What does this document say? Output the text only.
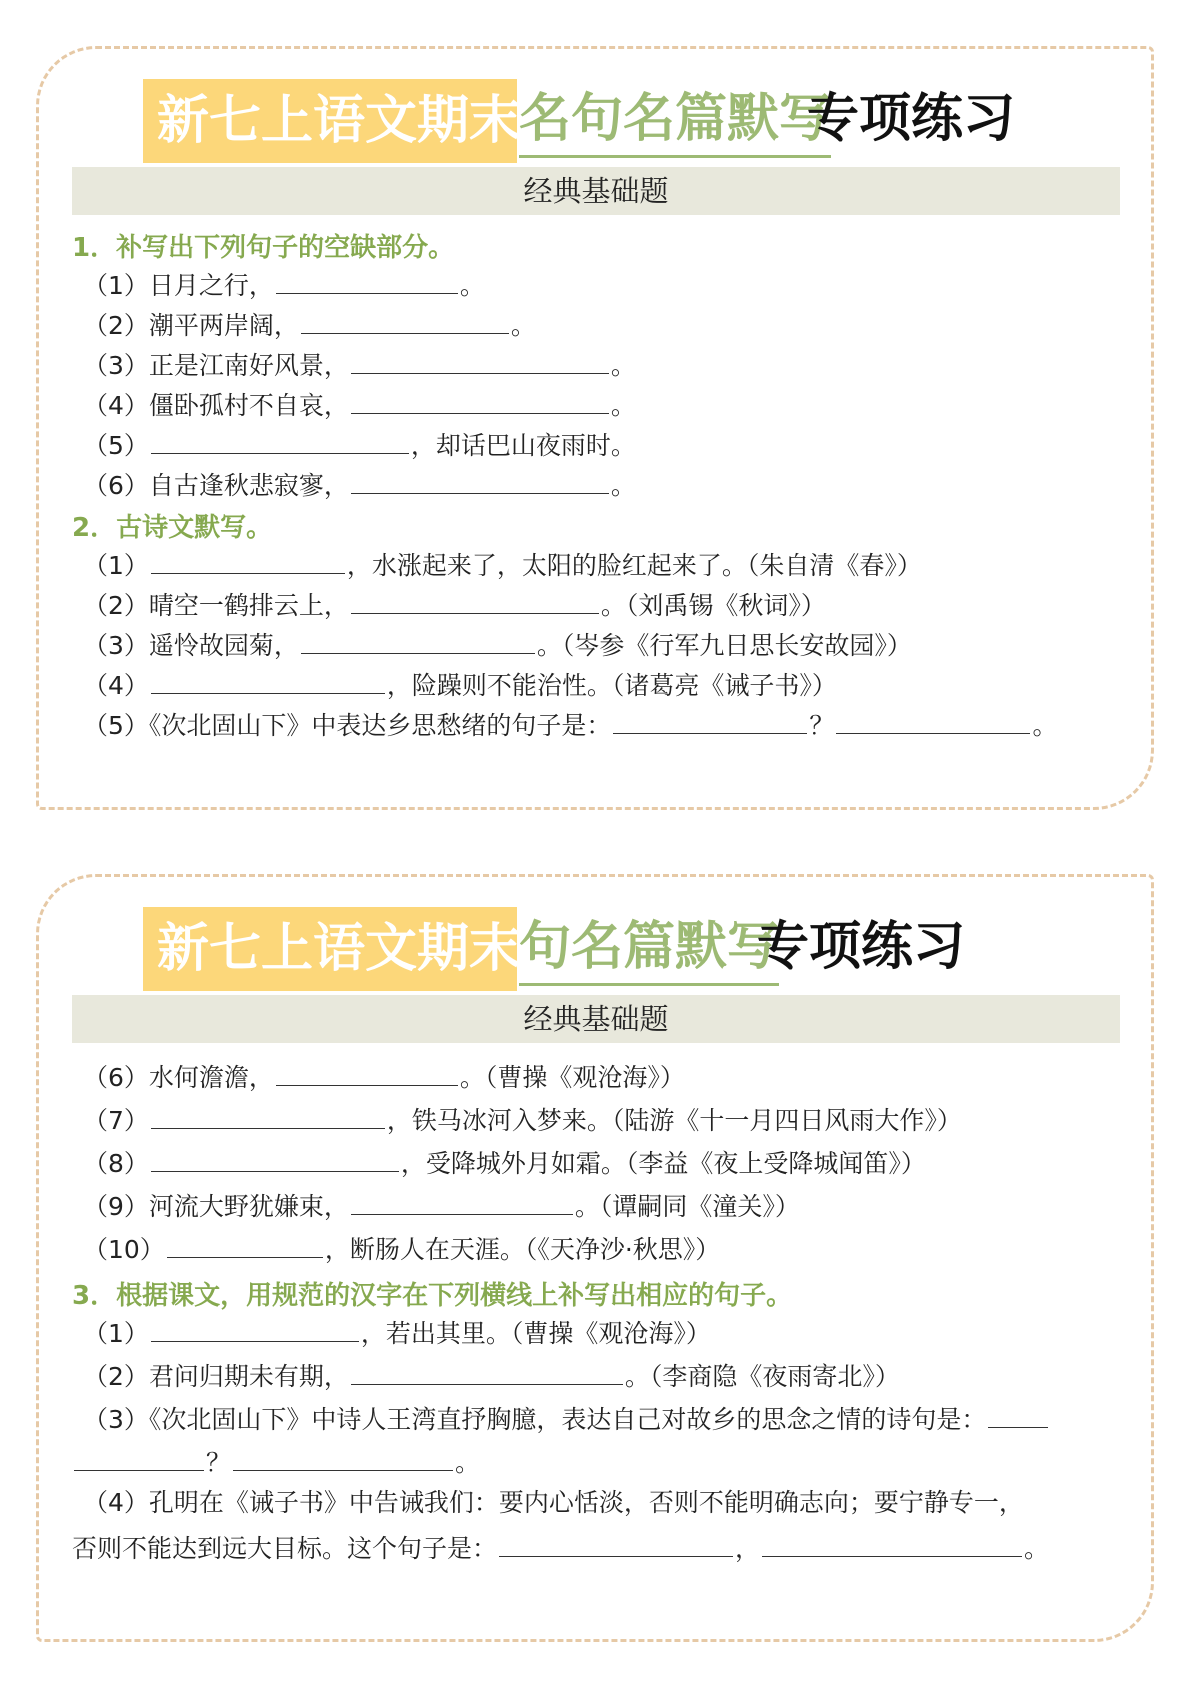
新七上语文期末
名句名篇默写
专项练习
经典基础题
1．补写出下列句子的空缺部分。
（1）日月之行，	。
（2）潮平两岸阔，	。
（3）正是江南好风景，	。
（4）僵卧孤村不自哀，	。
（5）	，却话巴山夜雨时。
（6）自古逢秋悲寂寥，	。
2．古诗文默写。
（1）	，水涨起来了，太阳的脸红起来了。（朱自清《春》）
（2）晴空一鹤排云上，	。（刘禹锡《秋词》）
（3）遥怜故园菊，	。（岑参《行军九日思长安故园》）
（4）	，险躁则不能治性。（诸葛亮《诫子书》）
（5）《次北固山下》中表达乡思愁绪的句子是：	？	。
新七上语文期末
句名篇默写
专项练习
经典基础题
（6）水何澹澹，	。（曹操《观沧海》）
（7）	，铁马冰河入梦来。（陆游《十一月四日风雨大作》）
（8）	，受降城外月如霜。（李益《夜上受降城闻笛》）
（9）河流大野犹嫌束，	。（谭嗣同《潼关》）
（10）	，断肠人在天涯。（《天净沙·秋思》）
3．根据课文，用规范的汉字在下列横线上补写出相应的句子。
（1）	，若出其里。（曹操《观沧海》）
（2）君问归期未有期，	。（李商隐《夜雨寄北》）
（3）《次北固山下》中诗人王湾直抒胸臆，表达自己对故乡的思念之情的诗句是：
？	。
（4）孔明在《诫子书》中告诫我们：要内心恬淡，否则不能明确志向；要宁静专一，
否则不能达到远大目标。这个句子是：	，	。
